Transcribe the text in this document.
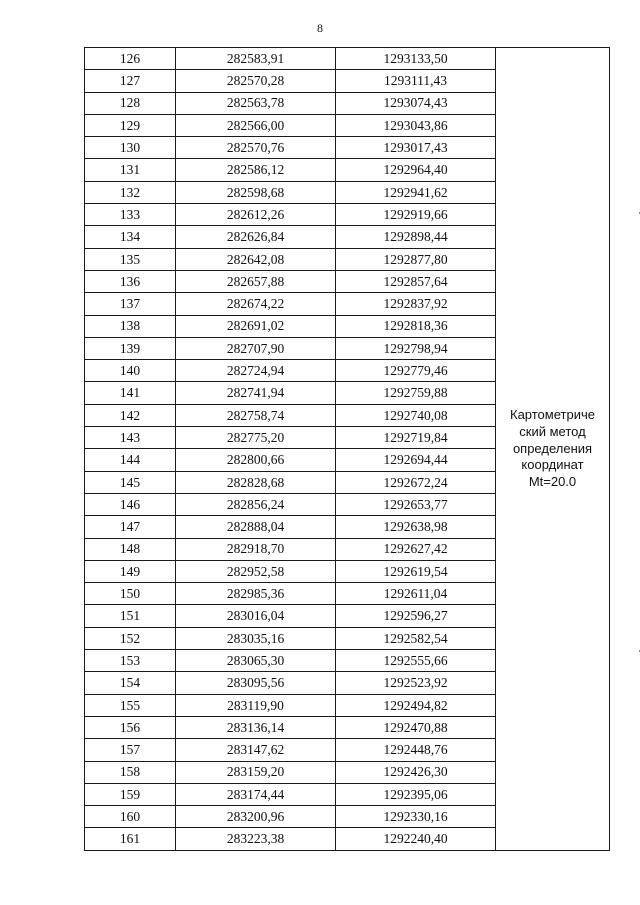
8
126	282583,91	1293133,50	Картометриче
ский метод
определения
координат
Mt=20.0

127	282570,28	1293111,43	
128	282563,78	1293074,43	
129	282566,00	1293043,86	
130	282570,76	1293017,43	
131	282586,12	1292964,40	
132	282598,68	1292941,62	
133	282612,26	1292919,66	
134	282626,84	1292898,44	
135	282642,08	1292877,80	
136	282657,88	1292857,64	
137	282674,22	1292837,92	
138	282691,02	1292818,36	
139	282707,90	1292798,94	
140	282724,94	1292779,46	
141	282741,94	1292759,88	
142	282758,74	1292740,08	
143	282775,20	1292719,84	
144	282800,66	1292694,44	
145	282828,68	1292672,24	
146	282856,24	1292653,77	
147	282888,04	1292638,98	
148	282918,70	1292627,42	
149	282952,58	1292619,54	
150	282985,36	1292611,04	
151	283016,04	1292596,27	
152	283035,16	1292582,54	
153	283065,30	1292555,66	
154	283095,56	1292523,92	
155	283119,90	1292494,82	
156	283136,14	1292470,88	
157	283147,62	1292448,76	
158	283159,20	1292426,30	
159	283174,44	1292395,06	
160	283200,96	1292330,16	
161	283223,38	1292240,40	
